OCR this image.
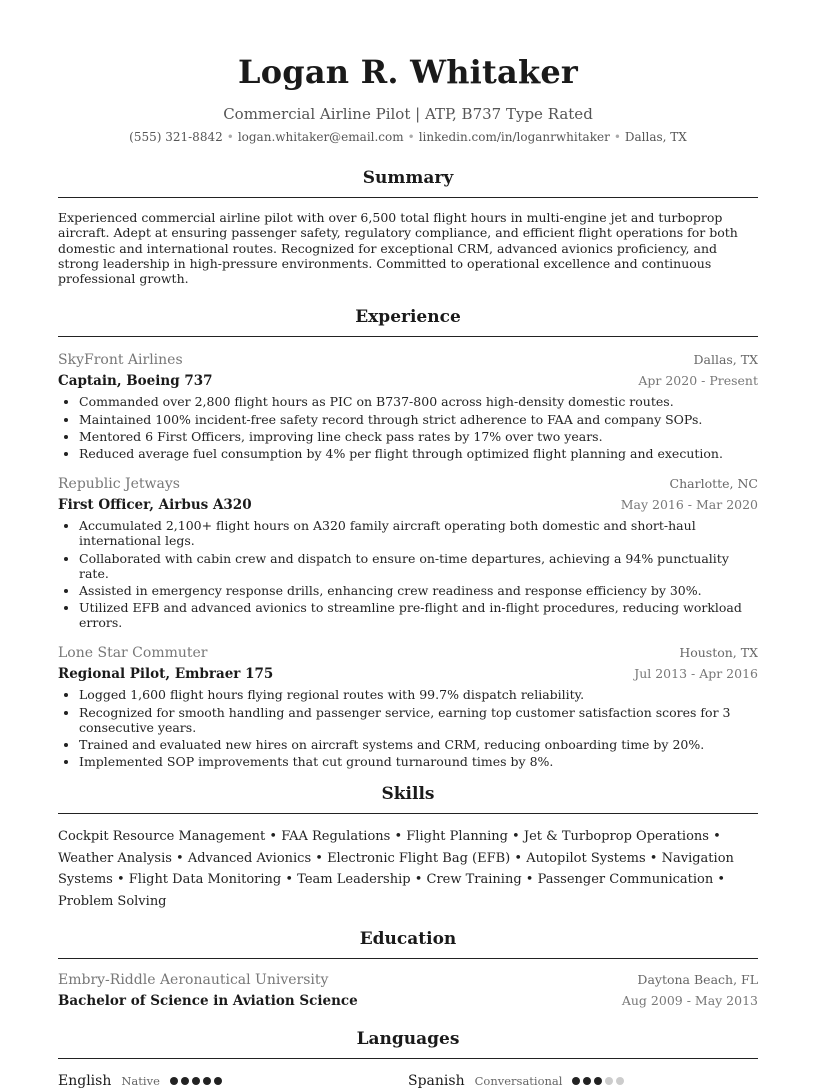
Logan R. Whitaker
Commercial Airline Pilot | ATP, B737 Type Rated
(555) 321-8842 • logan.whitaker@email.com • linkedin.com/in/loganrwhitaker • Dallas, TX
Summary
Experienced commercial airline pilot with over 6,500 total flight hours in multi-engine jet and turboprop aircraft. Adept at ensuring passenger safety, regulatory compliance, and efficient flight operations for both domestic and international routes. Recognized for exceptional CRM, advanced avionics proficiency, and strong leadership in high-pressure environments. Committed to operational excellence and continuous professional growth.
Experience
SkyFront Airlines	Dallas, TX
Captain, Boeing 737	Apr 2020 - Present
• Commanded over 2,800 flight hours as PIC on B737-800 across high-density domestic routes.
• Maintained 100% incident-free safety record through strict adherence to FAA and company SOPs.
• Mentored 6 First Officers, improving line check pass rates by 17% over two years.
• Reduced average fuel consumption by 4% per flight through optimized flight planning and execution.
Republic Jetways	Charlotte, NC
First Officer, Airbus A320	May 2016 - Mar 2020
• Accumulated 2,100+ flight hours on A320 family aircraft operating both domestic and short-haul international legs.
• Collaborated with cabin crew and dispatch to ensure on-time departures, achieving a 94% punctuality rate.
• Assisted in emergency response drills, enhancing crew readiness and response efficiency by 30%.
• Utilized EFB and advanced avionics to streamline pre-flight and in-flight procedures, reducing workload errors.
Lone Star Commuter	Houston, TX
Regional Pilot, Embraer 175	Jul 2013 - Apr 2016
• Logged 1,600 flight hours flying regional routes with 99.7% dispatch reliability.
• Recognized for smooth handling and passenger service, earning top customer satisfaction scores for 3 consecutive years.
• Trained and evaluated new hires on aircraft systems and CRM, reducing onboarding time by 20%.
• Implemented SOP improvements that cut ground turnaround times by 8%.
Skills
Cockpit Resource Management • FAA Regulations • Flight Planning • Jet & Turboprop Operations • Weather Analysis • Advanced Avionics • Electronic Flight Bag (EFB) • Autopilot Systems • Navigation Systems • Flight Data Monitoring • Team Leadership • Crew Training • Passenger Communication • Problem Solving
Education
Embry-Riddle Aeronautical University	Daytona Beach, FL
Bachelor of Science in Aviation Science	Aug 2009 - May 2013
Languages
English Native	Spanish Conversational
